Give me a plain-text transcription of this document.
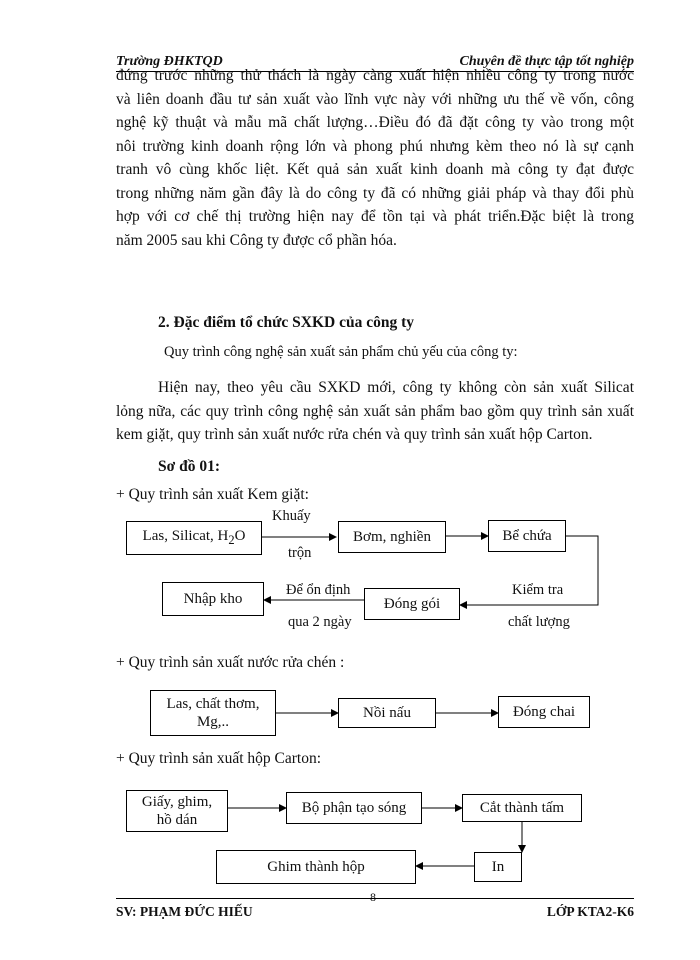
Trường ĐHKTQD	Chuyên đề thực tập tốt nghiệp
đứng trước những thử thách là ngày càng xuất hiện nhiều công ty trong nước
và liên doanh đầu tư sản xuất vào lĩnh vực này với những ưu thế về vốn, công
nghệ kỹ thuật và mẫu mã chất lượng…Điều đó đã đặt công ty vào trong một
nôi trường kinh doanh rộng lớn và phong phú nhưng kèm theo nó là sự cạnh
tranh vô cùng khốc liệt. Kết quả sản xuất kinh doanh mà công ty đạt được
trong những năm gần đây là do công ty đã có những giải pháp và thay đổi phù
hợp với cơ chế thị trường hiện nay để tồn tại và phát triển.Đặc biệt là trong
năm 2005 sau khi Công ty được cổ phần hóa.
2. Đặc điểm tổ chức SXKD của công ty
Quy trình công nghệ sản xuất sản phẩm chủ yếu của công ty:
Hiện nay, theo yêu cầu SXKD mới, công ty không còn sản xuất Silicat
lỏng nữa, các quy trình công nghệ sản xuất sản phẩm bao gồm quy trình sản xuất
kem giặt, quy trình sản xuất nước rửa chén và quy trình sản xuất hộp Carton.
Sơ đồ 01:
+ Quy trình sản xuất Kem giặt:
Las, Silicat, $H_2O$
Khuấy
trộn
Bơm, nghiền	Bể chứa
Kiểm tra
chất lượng
Đóng gói
Để ổn định
qua 2 ngày
Nhập kho
+ Quy trình sản xuất nước rửa chén :
Las, chất thơm,
Mg,..
Nồi nấu	Đóng chai
+ Quy trình sản xuất hộp Carton:
Giấy, ghim,
hồ dán
Bộ phận tạo sóng	Cắt thành tấm
In
Ghim thành hộp
8
SV: PHẠM ĐỨC HIẾU	LỚP KTA2-K6
